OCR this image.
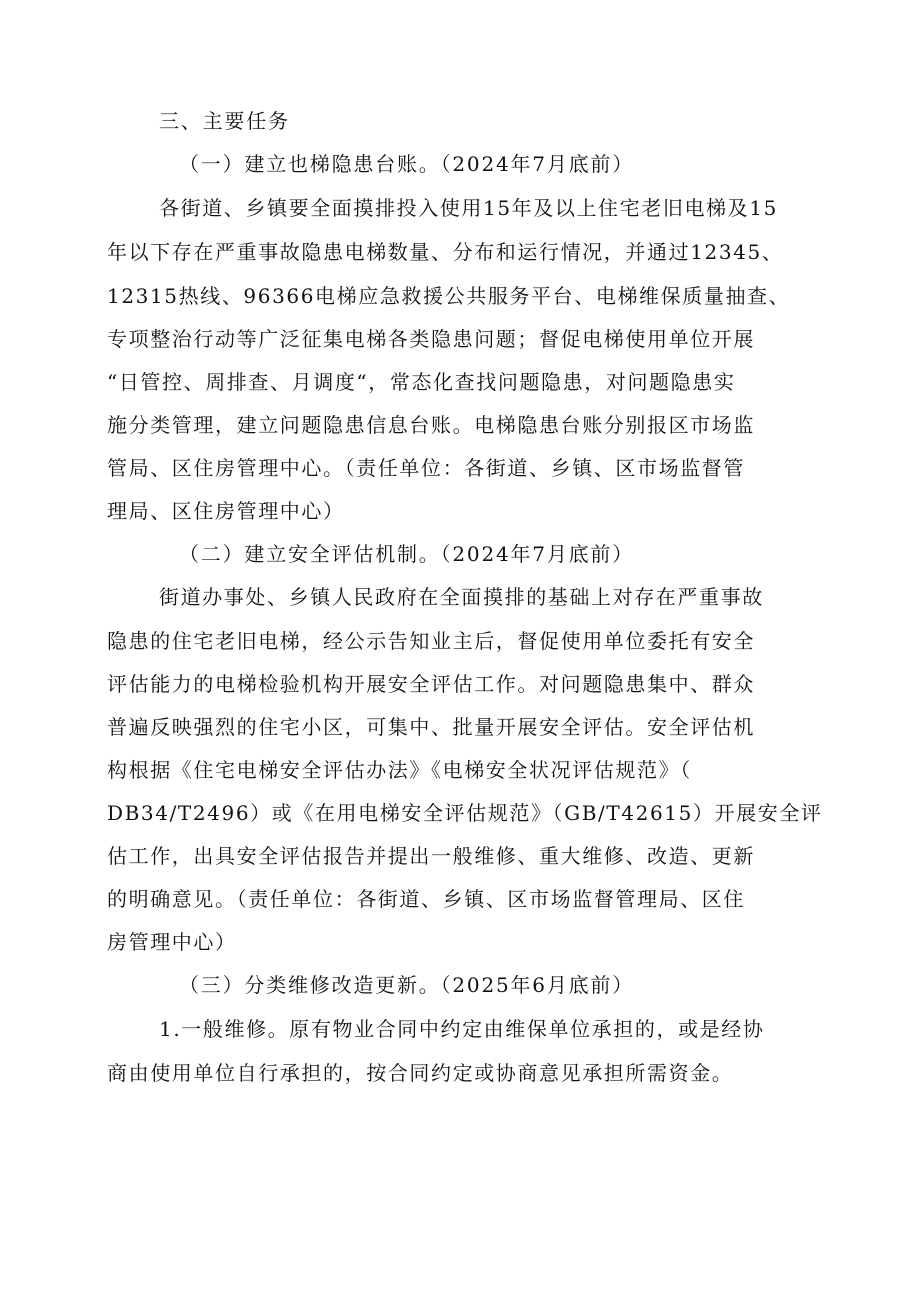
三、主要任务
（一）建立也梯隐患台账。（2024年7月底前）
各街道、乡镇要全面摸排投入使用15年及以上住宅老旧电梯及15
年以下存在严重事故隐患电梯数量、分布和运行情况，并通过12345、
12315热线、96366电梯应急救援公共服务平台、电梯维保质量抽查、
专项整治行动等广泛征集电梯各类隐患问题；督促电梯使用单位开展
“日管控、周排查、月调度“，常态化查找问题隐患，对问题隐患实
施分类管理，建立问题隐患信息台账。电梯隐患台账分别报区市场监
管局、区住房管理中心。（责任单位：各街道、乡镇、区市场监督管
理局、区住房管理中心）
（二）建立安全评估机制。（2024年7月底前）
街道办事处、乡镇人民政府在全面摸排的基础上对存在严重事故
隐患的住宅老旧电梯，经公示告知业主后，督促使用单位委托有安全
评估能力的电梯检验机构开展安全评估工作。对问题隐患集中、群众
普遍反映强烈的住宅小区，可集中、批量开展安全评估。安全评估机
构根据《住宅电梯安全评估办法》《电梯安全状况评估规范》（
DB34/T2496）或《在用电梯安全评估规范》（GB/T42615）开展安全评
估工作，出具安全评估报告并提出一般维修、重大维修、改造、更新
的明确意见。（责任单位：各街道、乡镇、区市场监督管理局、区住
房管理中心）
（三）分类维修改造更新。（2025年6月底前）
1.一般维修。原有物业合同中约定由维保单位承担的，或是经协
商由使用单位自行承担的，按合同约定或协商意见承担所需资金。
